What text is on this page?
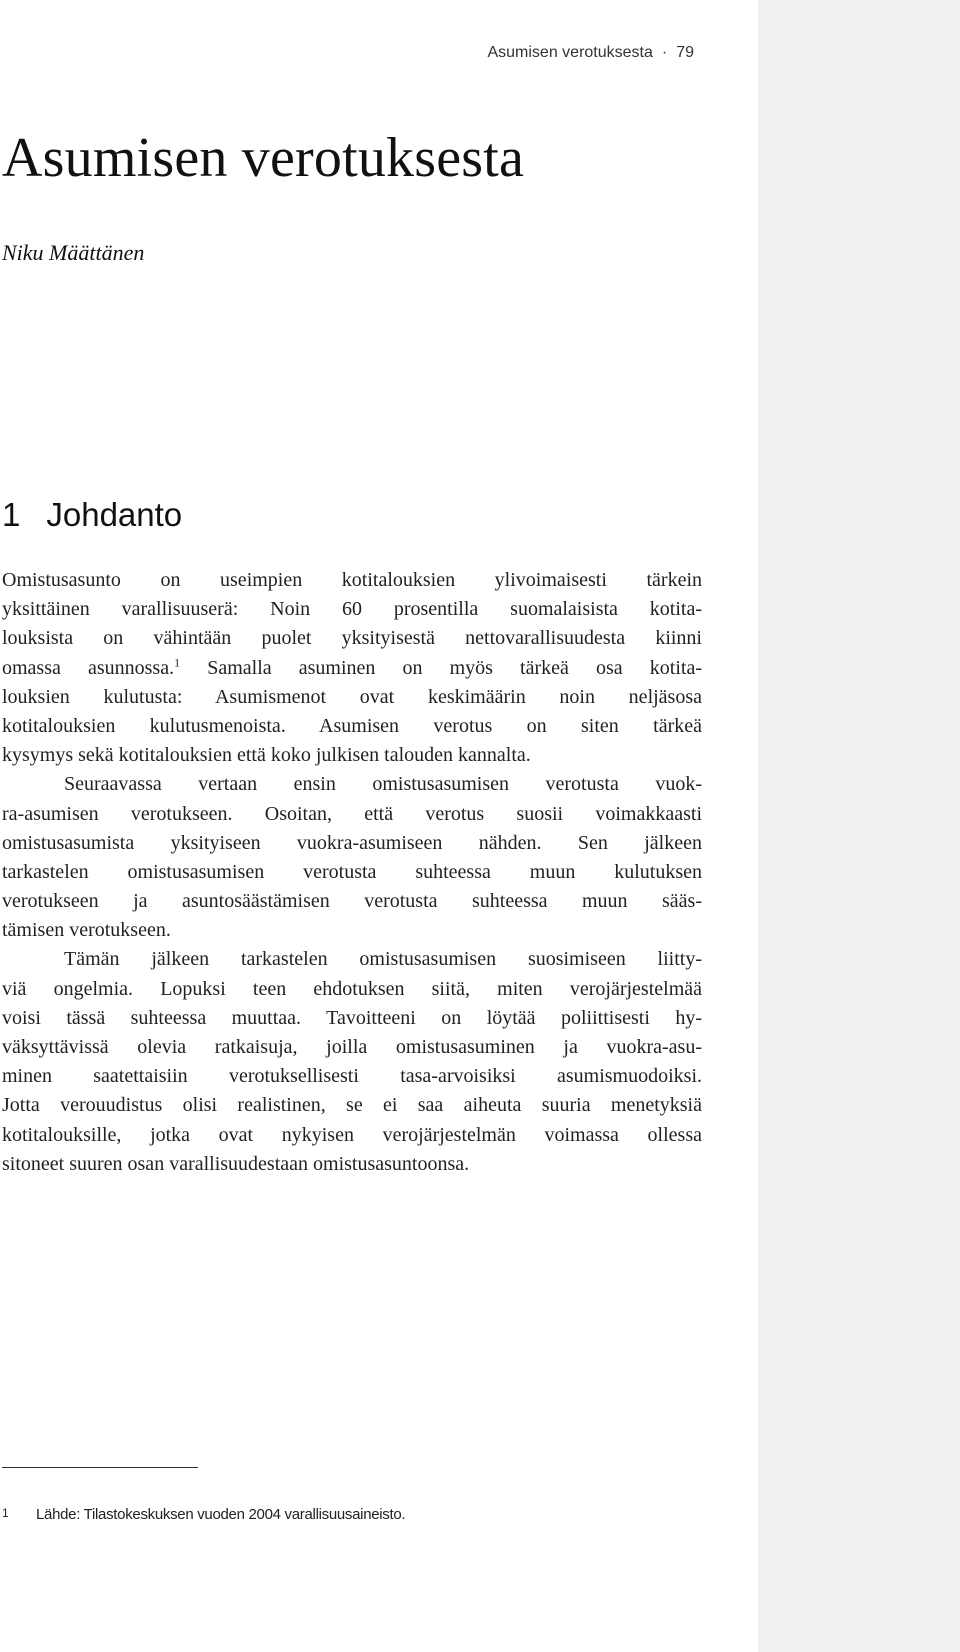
Asumisen verotuksesta · 79
Asumisen verotuksesta
Niku Määttänen
1 Johdanto
Omistusasunto on useimpien kotitalouksien ylivoimaisesti tärkein
yksittäinen varallisuuserä: Noin 60 prosentilla suomalaisista kotita-
louksista on vähintään puolet yksityisestä nettovarallisuudesta kiinni
omassa asunnossa.$^1$ Samalla asuminen on myös tärkeä osa kotita-
louksien kulutusta: Asumismenot ovat keskimäärin noin neljäsosa
kotitalouksien kulutusmenoista. Asumisen verotus on siten tärkeä
kysymys sekä kotitalouksien että koko julkisen talouden kannalta.
Seuraavassa vertaan ensin omistusasumisen verotusta vuok-
ra-asumisen verotukseen. Osoitan, että verotus suosii voimakkaasti
omistusasumista yksityiseen vuokra-asumiseen nähden. Sen jälkeen
tarkastelen omistusasumisen verotusta suhteessa muun kulutuksen
verotukseen ja asuntosäästämisen verotusta suhteessa muun sääs-
tämisen verotukseen.
Tämän jälkeen tarkastelen omistusasumisen suosimiseen liitty-
viä ongelmia. Lopuksi teen ehdotuksen siitä, miten verojärjestelmää
voisi tässä suhteessa muuttaa. Tavoitteeni on löytää poliittisesti hy-
väksyttävissä olevia ratkaisuja, joilla omistusasuminen ja vuokra-asu-
minen saatettaisiin verotuksellisesti tasa-arvoisiksi asumismuodoiksi.
Jotta verouudistus olisi realistinen, se ei saa aiheuta suuria menetyksiä
kotitalouksille, jotka ovat nykyisen verojärjestelmän voimassa ollessa
sitoneet suuren osan varallisuudestaan omistusasuntoonsa.
1 Lähde: Tilastokeskuksen vuoden 2004 varallisuusaineisto.
